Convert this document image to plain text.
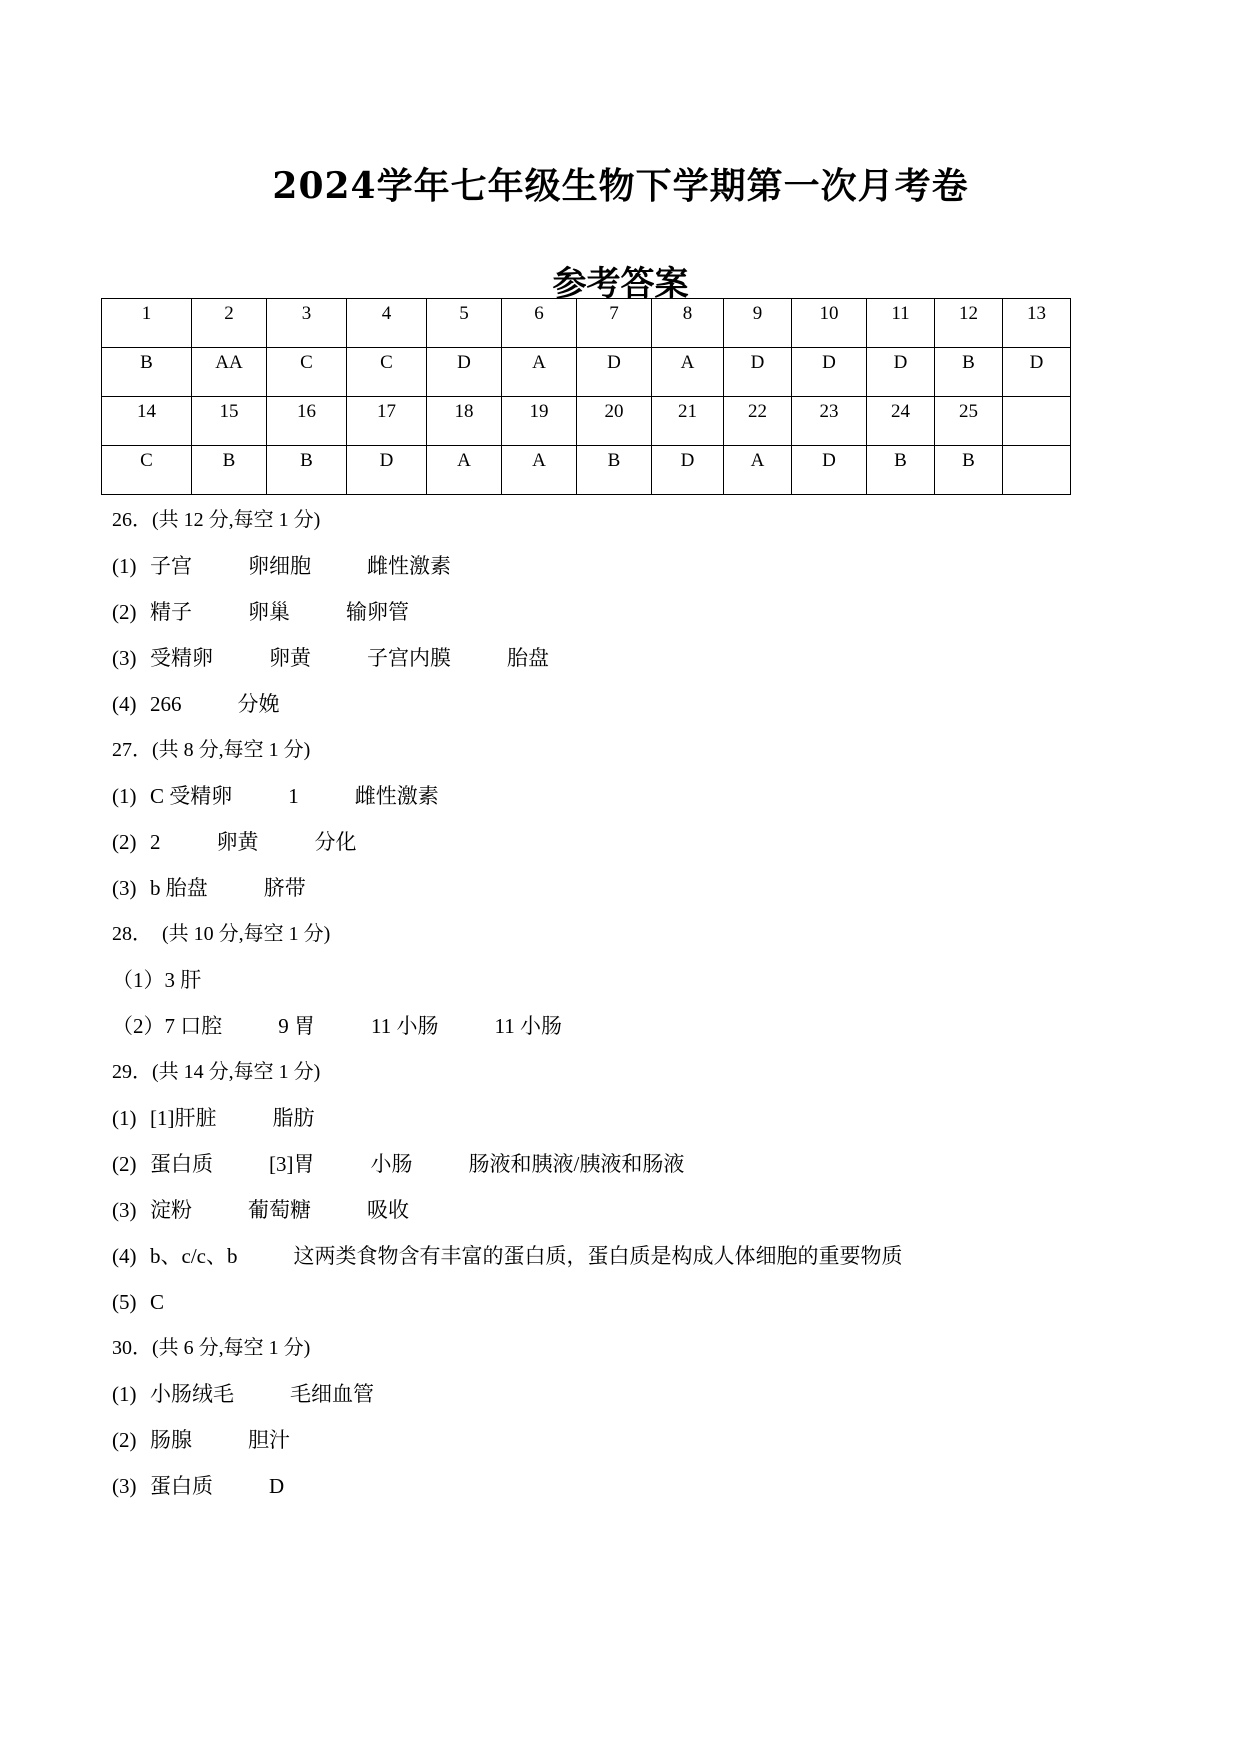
2024学年七年级生物下学期第一次月考卷
参考答案
1	2	3	4	5	6	7	8	9	10	11	12	13
B	AA	C	C	D	A	D	A	D	D	D	B	D
14	15	16	17	18	19	20	21	22	23	24	25	
C	B	B	D	A	A	B	D	A	D	B	B	
26．(共 12 分,每空 1 分)
(1) 子宫	卵细胞	雌性激素
(2) 精子	卵巢	输卵管
(3) 受精卵	卵黄	子宫内膜	胎盘
(4) 266	分娩
27．(共 8 分,每空 1 分)
(1) C 受精卵	1	雌性激素
(2) 2	卵黄	分化
(3) b 胎盘	脐带
28．  (共 10 分,每空 1 分)
（1）3 肝
（2）7 口腔	9 胃	11 小肠	11 小肠
29．(共 14 分,每空 1 分)
(1) [1]肝脏	脂肪
(2) 蛋白质	[3]胃	小肠	肠液和胰液/胰液和肠液
(3) 淀粉	葡萄糖	吸收
(4) b、c/c、b	这两类食物含有丰富的蛋白质，蛋白质是构成人体细胞的重要物质
(5) C
30．(共 6 分,每空 1 分)
(1) 小肠绒毛	毛细血管
(2) 肠腺	胆汁
(3) 蛋白质	D
